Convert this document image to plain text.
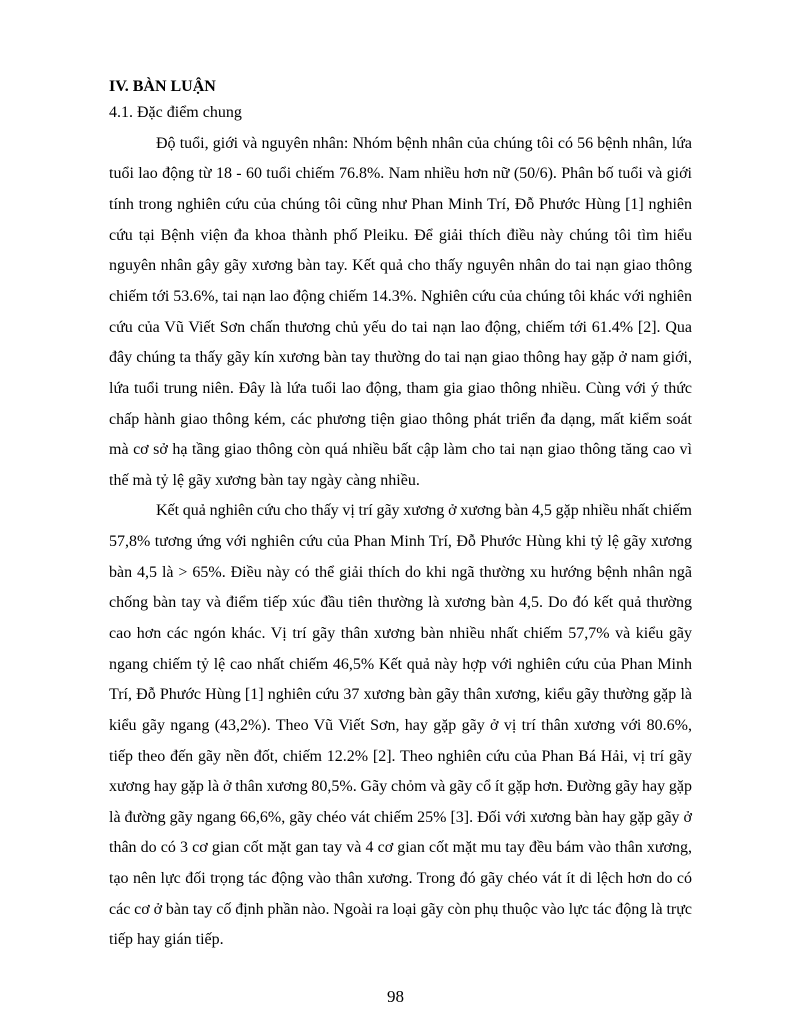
IV. BÀN LUẬN
4.1. Đặc điểm chung
Độ tuổi, giới và nguyên nhân: Nhóm bệnh nhân của chúng tôi có 56 bệnh nhân, lứa
tuổi lao động từ 18 - 60 tuổi chiếm 76.8%. Nam nhiều hơn nữ (50/6). Phân bố tuổi và giới
tính trong nghiên cứu của chúng tôi cũng như Phan Minh Trí, Đỗ Phước Hùng [1] nghiên
cứu tại Bệnh viện đa khoa thành phố Pleiku. Để giải thích điều này chúng tôi tìm hiểu
nguyên nhân gây gãy xương bàn tay. Kết quả cho thấy nguyên nhân do tai nạn giao thông
chiếm tới 53.6%, tai nạn lao động chiếm 14.3%. Nghiên cứu của chúng tôi khác với nghiên
cứu của Vũ Viết Sơn chấn thương chủ yếu do tai nạn lao động, chiếm tới 61.4% [2]. Qua
đây chúng ta thấy gãy kín xương bàn tay thường do tai nạn giao thông hay gặp ở nam giới,
lứa tuổi trung niên. Đây là lứa tuổi lao động, tham gia giao thông nhiều. Cùng với ý thức
chấp hành giao thông kém, các phương tiện giao thông phát triển đa dạng, mất kiểm soát
mà cơ sở hạ tầng giao thông còn quá nhiều bất cập làm cho tai nạn giao thông tăng cao vì
thế mà tỷ lệ gãy xương bàn tay ngày càng nhiều.
Kết quả nghiên cứu cho thấy vị trí gãy xương ở xương bàn 4,5 gặp nhiều nhất chiếm
57,8% tương ứng với nghiên cứu của Phan Minh Trí, Đỗ Phước Hùng khi tỷ lệ gãy xương
bàn 4,5 là > 65%. Điều này có thể giải thích do khi ngã thường xu hướng bệnh nhân ngã
chống bàn tay và điểm tiếp xúc đầu tiên thường là xương bàn 4,5. Do đó kết quả thường
cao hơn các ngón khác. Vị trí gãy thân xương bàn nhiều nhất chiếm 57,7% và kiểu gãy
ngang chiếm tỷ lệ cao nhất chiếm 46,5% Kết quả này hợp với nghiên cứu của Phan Minh
Trí, Đỗ Phước Hùng [1] nghiên cứu 37 xương bàn gãy thân xương, kiểu gãy thường gặp là
kiểu gãy ngang (43,2%). Theo Vũ Viết Sơn, hay gặp gãy ở vị trí thân xương với 80.6%,
tiếp theo đến gãy nền đốt, chiếm 12.2% [2]. Theo nghiên cứu của Phan Bá Hải, vị trí gãy
xương hay gặp là ở thân xương 80,5%. Gãy chỏm và gãy cổ ít gặp hơn. Đường gãy hay gặp
là đường gãy ngang 66,6%, gãy chéo vát chiếm 25% [3]. Đối với xương bàn hay gặp gãy ở
thân do có 3 cơ gian cốt mặt gan tay và 4 cơ gian cốt mặt mu tay đều bám vào thân xương,
tạo nên lực đối trọng tác động vào thân xương. Trong đó gãy chéo vát ít di lệch hơn do có
các cơ ở bàn tay cố định phần nào. Ngoài ra loại gãy còn phụ thuộc vào lực tác động là trực
tiếp hay gián tiếp.
98
